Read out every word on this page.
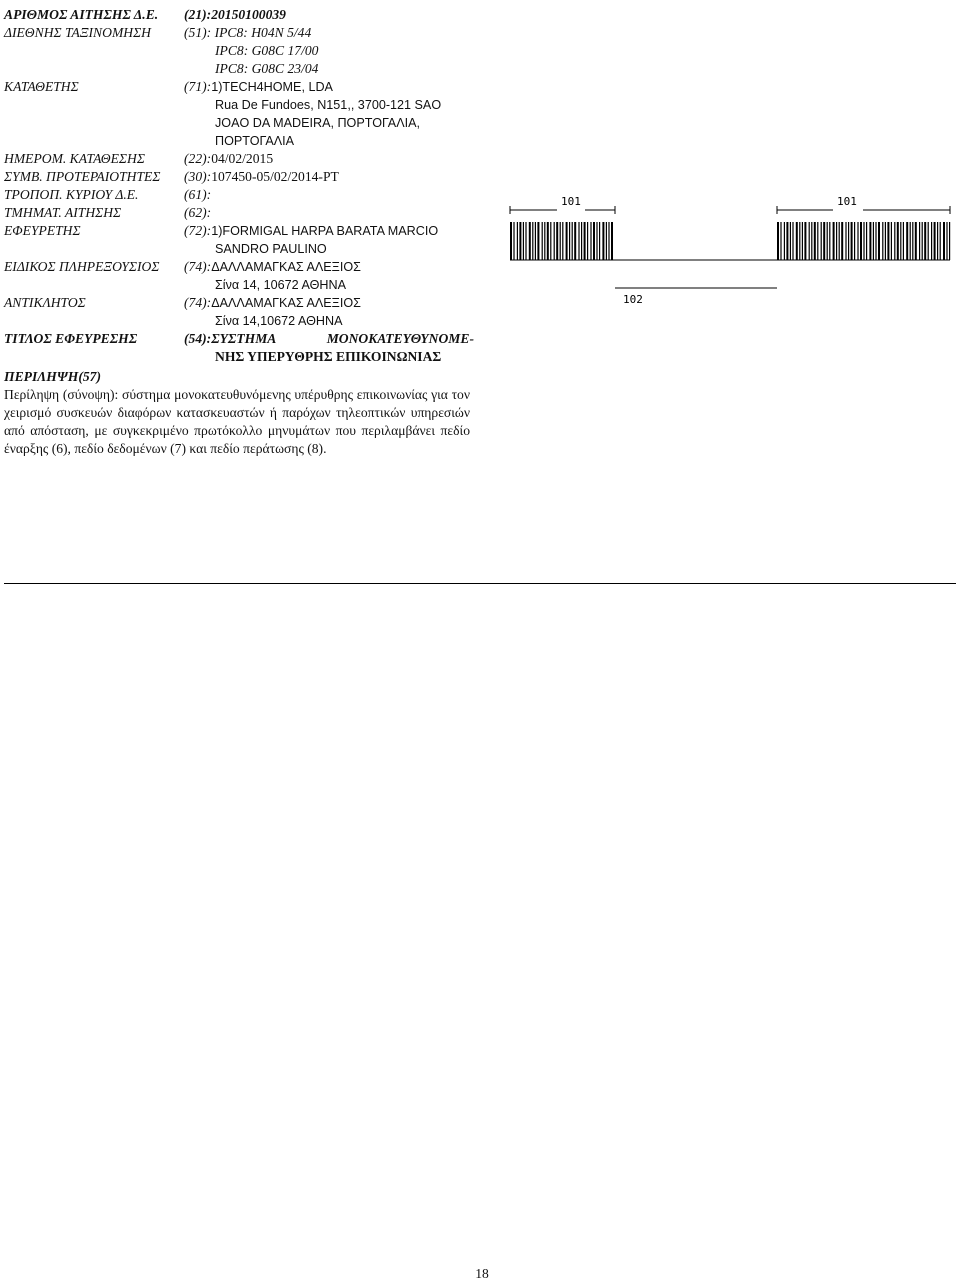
ΑΡΙΘΜΟΣ ΑΙΤΗΣΗΣ Δ.Ε.	(21):20150100039
ΔΙΕΘΝΗΣ ΤΑΞΙΝΟΜΗΣΗ	(51): IPC8: H04N 5/44
IPC8: G08C 17/00
IPC8: G08C 23/04
ΚΑΤΑΘΕΤΗΣ	(71):1)TECH4HOME, LDA
Rua De Fundoes, N151,, 3700-121 SAO
JOAO DA MADEIRA, ΠΟΡΤΟΓΑΛΙΑ,
ΠΟΡΤΟΓΑΛΙΑ
ΗΜΕΡΟΜ. ΚΑΤΑΘΕΣΗΣ	(22):04/02/2015
ΣΥΜΒ. ΠΡΟΤΕΡΑΙΟΤΗΤΕΣ	(30):107450-05/02/2014-PT
ΤΡΟΠΟΠ. ΚΥΡΙΟΥ Δ.Ε.	(61):
ΤΜΗΜΑΤ. ΑΙΤΗΣΗΣ	(62):
ΕΦΕΥΡΕΤΗΣ	(72):1)FORMIGAL HARPA BARATA MARCIO
SANDRO PAULINO
ΕΙΔΙΚΟΣ ΠΛΗΡΕΞΟΥΣΙΟΣ	(74):ΔΑΛΛΑΜΑΓΚΑΣ ΑΛΕΞΙΟΣ
Σίνα 14, 10672 ΑΘΗΝΑ
ΑΝΤΙΚΛΗΤΟΣ	(74):ΔΑΛΛΑΜΑΓΚΑΣ ΑΛΕΞΙΟΣ
Σίνα 14,10672 ΑΘΗΝΑ
ΤΙΤΛΟΣ ΕΦΕΥΡΕΣΗΣ	(54): ΣΥΣΤΗΜΑ ΜΟΝΟΚΑΤΕΥΘΥΝΟΜΕ-
ΝΗΣ ΥΠΕΡΥΘΡΗΣ ΕΠΙΚΟΙΝΩΝΙΑΣ
ΠΕΡΙΛΗΨΗ(57)

Περίληψη (σύνοψη): σύστημα μονοκατευθυνόμενης υπέρυθρης επικοινωνίας για τον χειρισμό συσκευών διαφόρων κατασκευαστών ή παρόχων τηλεοπτικών υπηρεσιών από απόσταση, με συγκεκριμένο πρωτόκολλο μηνυμάτων που περιλαμβάνει πεδίο έναρξης (6), πεδίο δεδομένων (7) και πεδίο περάτωσης (8).

101	101
102
18
